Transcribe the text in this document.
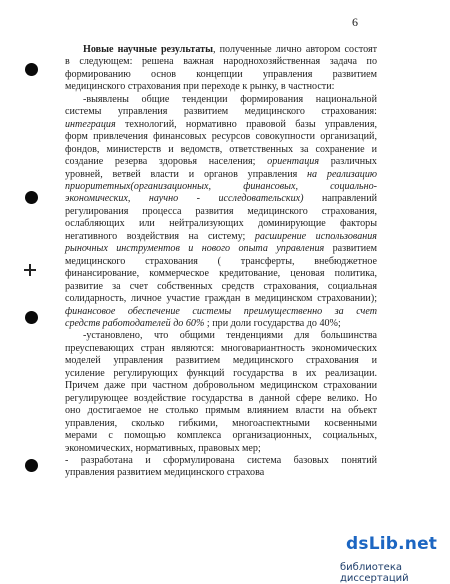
6
Новые научные результаты, полученные лично автором состоят
в следующем: решена важная народнохозяйственная задача по
формированию основ концепции управления развитием
медицинского страхования при переходе к рынку, в частности:
-выявлены общие тенденции формирования национальной
системы управления развитием медицинского страхования:
интеграция технологий, нормативно правовой базы управления,
форм привлечения финансовых ресурсов совокупности организаций,
фондов, министерств и ведомств, ответственных за сохранение и
создание резерва здоровья населения; ориентация различных
уровней, ветвей власти и органов управления на реализацию
приоритетных(организационных, финансовых, социально-
экономических, научно - исследовательских) направлений
регулирования процесса развития медицинского страхования,
ослабляющих или нейтрализующих доминирующие факторы
негативного воздействия на систему; расширение использования
рыночных инструментов и нового опыта управления развитием
медицинского страхования ( трансферты, внебюджетное
финансирование, коммерческое кредитование, ценовая политика,
развитие за счет собственных средств страхования, социальная
солидарность, личное участие граждан в медицинском страховании);
финансовое обеспечение системы преимущественно за счет
средств работодателей до 60% ; при доли государства до 40%;
-установлено, что общими тенденциями для большинства
преуспевающих стран являются: многовариантность экономических
моделей управления развитием медицинского страхования и
усиление регулирующих функций государства в их реализации.
Причем даже при частном добровольном медицинском страховании
регулирующее воздействие государства в данной сфере велико. Но
оно достигаемое не столько прямым влиянием власти на объект
управления, сколько гибкими, многоаспектными косвенными
мерами с помощью комплекса организационных, социальных,
экономических, нормативных, правовых мер;
- разработана и сформулирована система базовых понятий
управления развитием медицинского страхова
dsLib.net
библиотека диссертаций
